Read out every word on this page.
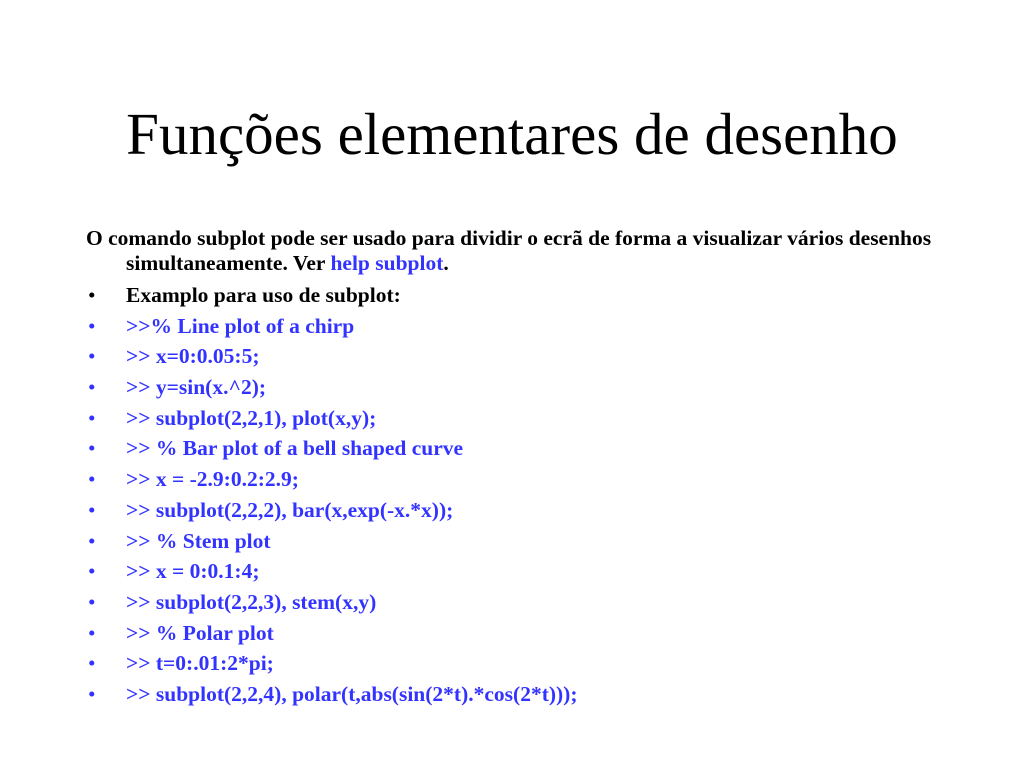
Funções elementares de desenho

O comando subplot pode ser usado para dividir o ecrã de forma a visualizar vários desenhos simultaneamente. Ver help subplot.

• Examplo para uso de subplot:
• >>% Line plot of a chirp
• >> x=0:0.05:5;
• >> y=sin(x.^2);
• >> subplot(2,2,1), plot(x,y);
• >> % Bar plot of a bell shaped curve
• >> x = -2.9:0.2:2.9;
• >> subplot(2,2,2), bar(x,exp(-x.*x));
• >> % Stem plot
• >> x = 0:0.1:4;
• >> subplot(2,2,3), stem(x,y)
• >> % Polar plot
• >> t=0:.01:2*pi;
• >> subplot(2,2,4), polar(t,abs(sin(2*t).*cos(2*t)));
